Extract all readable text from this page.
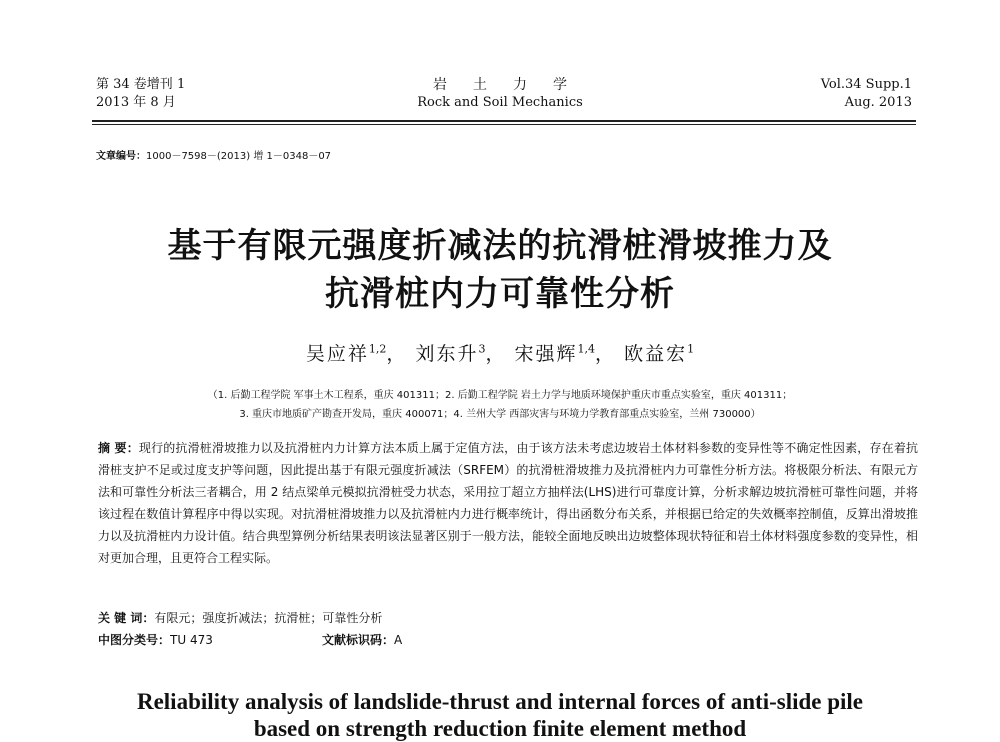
第 34 卷增刊 1
2013 年 8 月
岩土力学
Rock and Soil Mechanics
Vol.34 Supp.1
Aug. 2013
文章编号：1000－7598－(2013) 增 1－0348－07
基于有限元强度折减法的抗滑桩滑坡推力及
抗滑桩内力可靠性分析
吴应祥$^{1,2}$， 刘东升$^3$， 宋强辉$^{1,4}$， 欧益宏$^1$
（1. 后勤工程学院 军事土木工程系，重庆 401311；2. 后勤工程学院 岩土力学与地质环境保护重庆市重点实验室，重庆 401311；
3. 重庆市地质矿产勘查开发局，重庆 400071；4. 兰州大学 西部灾害与环境力学教育部重点实验室，兰州 730000）
摘 要：现行的抗滑桩滑坡推力以及抗滑桩内力计算方法本质上属于定值方法，由于该方法未考虑边坡岩土体材料参数的变异性等不确定性因素，存在着抗滑桩支护不足或过度支护等问题，因此提出基于有限元强度折减法（SRFEM）的抗滑桩滑坡推力及抗滑桩内力可靠性分析方法。将极限分析法、有限元方法和可靠性分析法三者耦合，用 2 结点梁单元模拟抗滑桩受力状态，采用拉丁超立方抽样法(LHS)进行可靠度计算，分析求解边坡抗滑桩可靠性问题，并将该过程在数值计算程序中得以实现。对抗滑桩滑坡推力以及抗滑桩内力进行概率统计，得出函数分布关系，并根据已给定的失效概率控制值，反算出滑坡推力以及抗滑桩内力设计值。结合典型算例分析结果表明该法显著区别于一般方法，能较全面地反映出边坡整体现状特征和岩土体材料强度参数的变异性，相对更加合理，且更符合工程实际。
关 键 词：有限元；强度折减法；抗滑桩；可靠性分析
中图分类号：TU 473	文献标识码：A
Reliability analysis of landslide-thrust and internal forces of anti-slide pile
based on strength reduction finite element method
